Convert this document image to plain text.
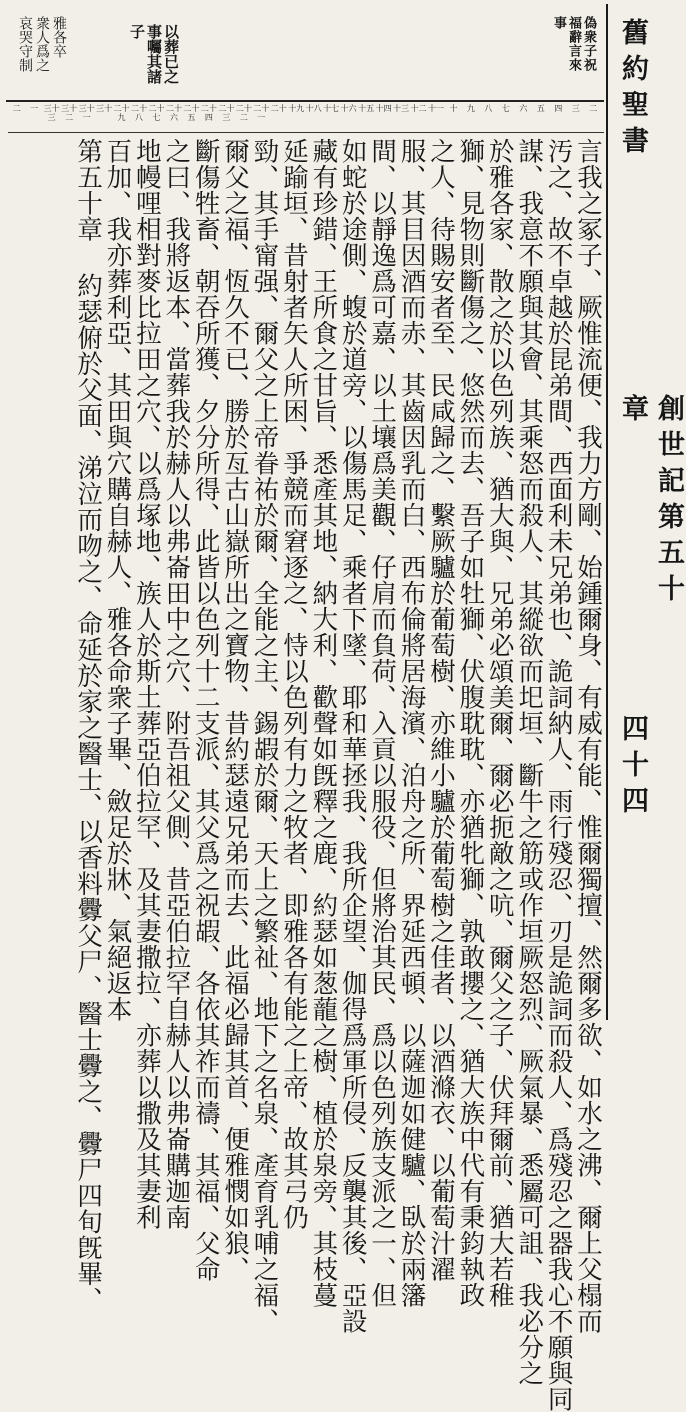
舊約聖書
創世記第五十章
四十四
偽衆子祝
福辭言來
事
以葬已之
事囑其諸
子
雅各卒
衆人爲之
哀哭守制
二
三
四
五
六
七
八
九
十
十一
十二
十三
十四
十五
十六
十七
十八
十九
二十
二十一
二十二
二十三
二十四
二十五
二十六
二十七
二十八
二十九
三十
三十一
三十二
三十三
一
二
言我之冢子、厥惟流便、我力方剛、始鍾爾身、有威有能、惟爾獨擅、然爾多欲、如水之沸、爾上父榻而
汚之、故不卓越於昆弟間、西面利未兄弟也、詭詞納人、雨行殘忍、刃是詭詞而殺人、爲殘忍之器我心不願與同
謀、我意不願與其會、其乘怒而殺人、其縱欲而圯垣、斷牛之筋或作垣厥怒烈、厥氣暴、悉屬可詛、我必分之
於雅各家、散之於以色列族、猶大與、兄弟必頌美爾、爾必扼敵之吭、爾父之子、伏拜爾前、猶大若稚
獅、見物則斷傷之、悠然而去、吾子如牡獅、伏腹耽耽、亦猶牝獅、孰敢攖之、猶大族中代有秉鈞執政
之人、待賜安者至、民咸歸之、繫厥驢於葡萄樹、亦維小驢於葡萄樹之佳者、以酒滌衣、以葡萄汁濯
服、其目因酒而赤、其齒因乳而白、西布倫將居海濱、泊舟之所、界延西頓、以薩迦如健驢、臥於兩籓
間、以靜逸爲可嘉、以土壤爲美觀、仔肩而負荷、入貢以服役、但將治其民、爲以色列族支派之一、但
如蛇於途側、蝮於道旁、以傷馬足、乘者下墜、耶和華拯我、我所企望、伽得爲軍所侵、反襲其後、亞設
藏有珍錯、王所食之甘旨、悉產其地、納大利、歡聲如旣釋之鹿、約瑟如葱蘢之樹、植於泉旁、其枝蔓
延踰垣、昔射者矢人所困、爭競而窘逐之、恃以色列有力之牧者、即雅各有能之上帝、故其弓仍
勁、其手甯强、爾父之上帝眷祐於爾、全能之主、錫嘏於爾、天上之繁祉、地下之名泉、產育乳哺之福、
爾父之福、恆久不已、勝於亙古山嶽所出之寶物、昔約瑟遠兄弟而去、此福必歸其首、便雅憫如狼、
斷傷牲畜、朝吞所獲、夕分所得、此皆以色列十二支派、其父爲之祝嘏、各依其祚而禱、其福、父命
之曰、我將返本、當葬我於赫人以弗崙田中之穴、附吾祖父側、昔亞伯拉罕自赫人以弗崙購迦南
地幔哩相對麥比拉田之穴、以爲塚地、族人於斯土葬亞伯拉罕、及其妻撒拉、亦葬以撒及其妻利
百加、我亦葬利亞、其田與穴購自赫人、雅各命衆子畢、斂足於牀、氣絕返本
第五十章 約瑟俯於父面、涕泣而吻之、命延於家之醫士、以香料釁父尸、醫士釁之、釁尸四旬旣畢、
